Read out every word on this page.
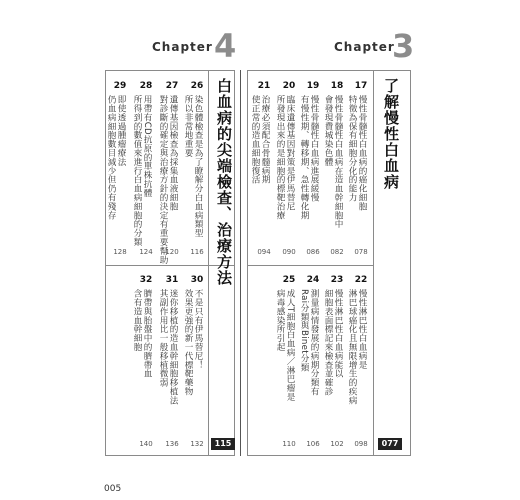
Chapter 4
白血病的尖端檢查、治療方法
115
26
染色體檢查是為了瞭解分白血病類型
所以非常地重要
116
27
遺傳基因檢查為採集血液細胞
對診斷的確定與治療方針的決定有重要幫助
120
28
用帶有CD抗原的單株抗體
所得到的數值來進行白血病細胞的分類
124
29
即使透過腫瘤療法
仍血病細胞數目減少但仍有殘存
128
30
不是只有伊馬替尼！
效果更強的新一代標靶藥物
132
31
迷你移植的造血幹細胞移植法
其副作用比一般移植微弱
136
32
臍帶與胎盤中的臍帶血
含有造血幹細胞
140
Chapter
3
了解慢性白血病
077
17
慢性骨髓性白血病的癌化細胞
特徵為保有細胞分化的能力
078
18
慢性骨髓性白血病在造血幹細胞中
會發現費城染色體
082
19
慢性骨髓性白血病進展緩慢
有慢性期、轉移期、急性轉化期
086
20
臨床遺傳基因對策是伊馬替尼
所發現出來的是細胞的標靶治療
090
21
治療必須配合骨髓病期
使正常的造血細胞復活
094
22
慢性淋巴性白血病是
淋巴球癌化且無限增生的疾病
098
23
慢性淋巴性白血病能以
細胞表面標記來檢查並確診
102
24
測量病情發展的病期分類有
Rai分類與Binet分類
106
25
成人T細胞白血病／淋巴瘤是
病毒感染所引起
110
005
